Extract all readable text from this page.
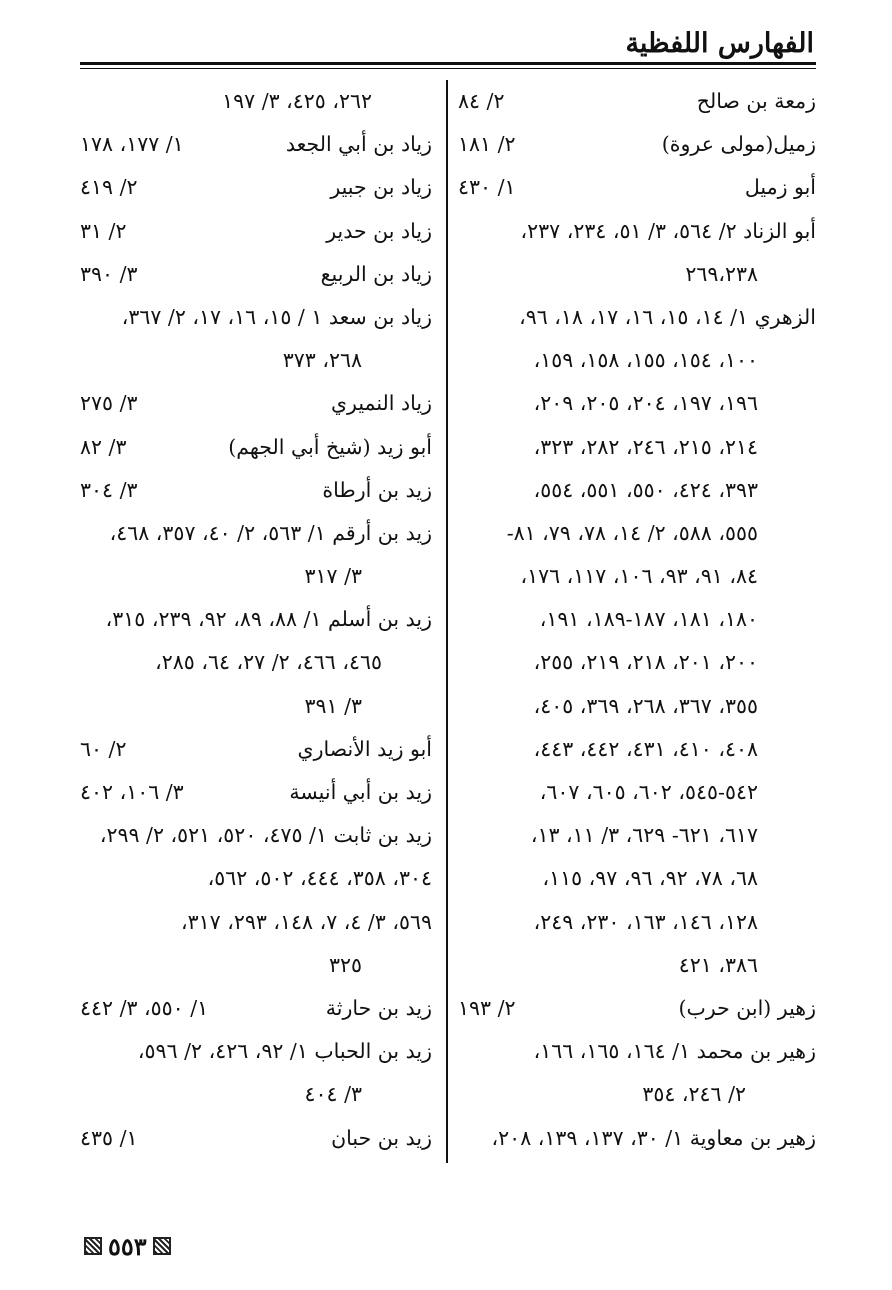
الفهارس اللفظية
زمعة بن صالح
٢/ ٨٤
زميل(مولى عروة)
٢/ ١٨١
أبو زميل
١/ ٤٣٠
أبو الزناد ٢/ ٥٦٤، ٣/ ٥١، ٢٣٤، ٢٣٧،
٢٦٩،٢٣٨
الزهري ١/ ١٤، ١٥، ١٦، ١٧، ١٨، ٩٦،
١٠٠، ١٥٤، ١٥٥، ١٥٨، ١٥٩،
١٩٦، ١٩٧، ٢٠٤، ٢٠٥، ٢٠٩،
٢١٤، ٢١٥، ٢٤٦، ٢٨٢، ٣٢٣،
٣٩٣، ٤٢٤، ٥٥٠، ٥٥١، ٥٥٤،
٥٥٥، ٥٨٨، ٢/ ١٤، ٧٨، ٧٩، ٨١-
٨٤، ٩١، ٩٣، ١٠٦، ١١٧، ١٧٦،
١٨٠، ١٨١، ١٨٧-١٨٩، ١٩١،
٢٠٠، ٢٠١، ٢١٨، ٢١٩، ٢٥٥،
٣٥٥، ٣٦٧، ٢٦٨، ٣٦٩، ٤٠٥،
٤٠٨، ٤١٠، ٤٣١، ٤٤٢، ٤٤٣،
٥٤٢-٥٤٥، ٦٠٢، ٦٠٥، ٦٠٧،
٦١٧، ٦٢١- ٦٢٩، ٣/ ١١، ١٣،
٦٨، ٧٨، ٩٢، ٩٦، ٩٧، ١١٥،
١٢٨، ١٤٦، ١٦٣، ٢٣٠، ٢٤٩،
٣٨٦، ٤٢١
زهير (ابن حرب)
٢/ ١٩٣
زهير بن محمد ١/ ١٦٤، ١٦٥، ١٦٦،
٢/ ٢٤٦، ٣٥٤
زهير بن معاوية ١/ ٣٠، ١٣٧، ١٣٩، ٢٠٨،
٢٦٢، ٤٢٥، ٣/ ١٩٧
زياد بن أبي الجعد
١/ ١٧٧، ١٧٨
زياد بن جبير
٢/ ٤١٩
زياد بن حدير
٢/ ٣١
زياد بن الربيع
٣/ ٣٩٠
زياد بن سعد ١ / ١٥، ١٦، ١٧، ٢/ ٣٦٧،
٢٦٨، ٣٧٣
زياد النميري
٣/ ٢٧٥
أبو زيد (شيخ أبي الجهم)
٣/ ٨٢
زيد بن أرطاة
٣/ ٣٠٤
زيد بن أرقم ١/ ٥٦٣، ٢/ ٤٠، ٣٥٧، ٤٦٨،
٣/ ٣١٧
زيد بن أسلم ١/ ٨٨، ٨٩، ٩٢، ٢٣٩، ٣١٥،
٤٦٥، ٤٦٦، ٢/ ٢٧، ٦٤، ٢٨٥،
٣/ ٣٩١
أبو زيد الأنصاري
٢/ ٦٠
زيد بن أبي أنيسة
٣/ ١٠٦، ٤٠٢
زيد بن ثابت ١/ ٤٧٥، ٥٢٠، ٥٢١، ٢/ ٢٩٩،
٣٠٤، ٣٥٨، ٤٤٤، ٥٠٢، ٥٦٢،
٥٦٩، ٣/ ٤، ٧، ١٤٨، ٢٩٣، ٣١٧،
٣٢٥
زيد بن حارثة
١/ ٥٥٠، ٣/ ٤٤٢
زيد بن الحباب ١/ ٩٢، ٤٢٦، ٢/ ٥٩٦،
٣/ ٤٠٤
زيد بن حبان
١/ ٤٣٥
٥٥٣
